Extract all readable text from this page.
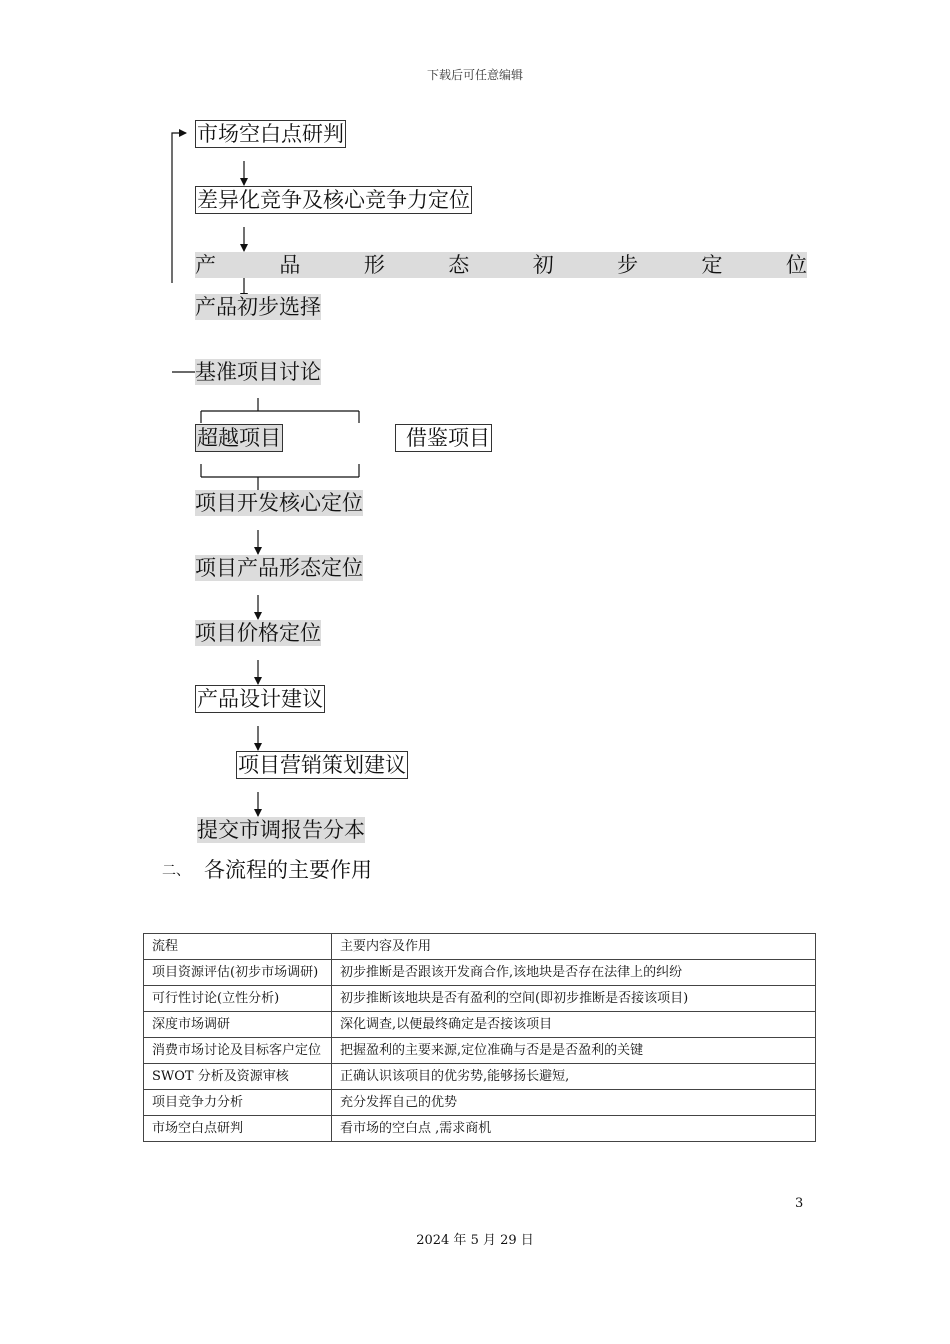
下载后可任意编辑
市场空白点研判
差异化竞争及核心竞争力定位
产	品	形	态	初	步	定	位
产品初步选择
基准项目讨论
超越项目	借鉴项目
项目开发核心定位
项目产品形态定位
项目价格定位
产品设计建议
项目营销策划建议
提交市调报告分本
二、 各流程的主要作用
流程	主要内容及作用
项目资源评估(初步市场调研)	初步推断是否跟该开发商合作,该地块是否存在法律上的纠纷
可行性讨论(立性分析)	初步推断该地块是否有盈利的空间(即初步推断是否接该项目)
深度市场调研	深化调查,以便最终确定是否接该项目
消费市场讨论及目标客户定位	把握盈利的主要来源,定位准确与否是是否盈利的关键
SWOT 分析及资源审核	正确认识该项目的优劣势,能够扬长避短,
项目竞争力分析	充分发挥自己的优势
市场空白点研判	看市场的空白点 ,需求商机
3
2024 年 5 月 29 日
